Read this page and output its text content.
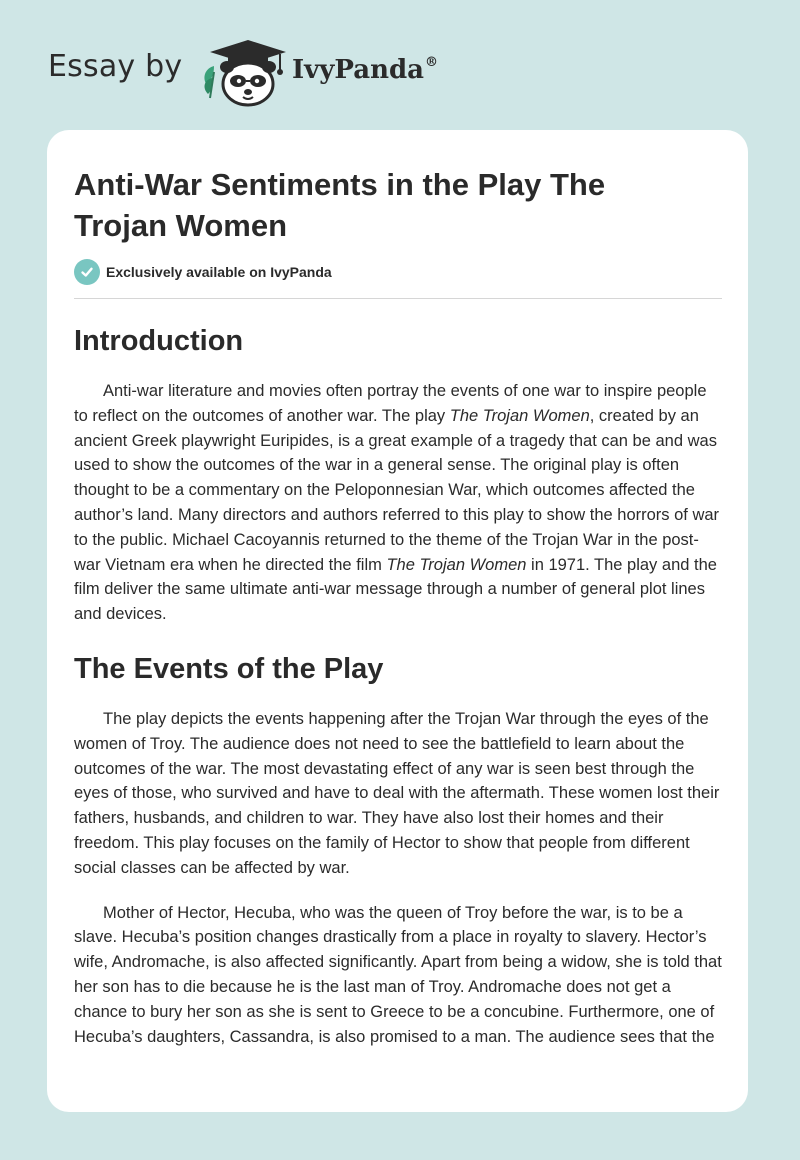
Essay by	IvyPanda®
Anti-War Sentiments in the Play The Trojan Women
Exclusively available on IvyPanda
Introduction

Anti-war literature and movies often portray the events of one war to inspire people to reflect on the outcomes of another war. The play The Trojan Women, created by an ancient Greek playwright Euripides, is a great example of a tragedy that can be and was used to show the outcomes of the war in a general sense. The original play is often thought to be a commentary on the Peloponnesian War, which outcomes affected the author’s land. Many directors and authors referred to this play to show the horrors of war to the public. Michael Cacoyannis returned to the theme of the Trojan War in the post-war Vietnam era when he directed the film The Trojan Women in 1971. The play and the film deliver the same ultimate anti-war message through a number of general plot lines and devices.

The Events of the Play

The play depicts the events happening after the Trojan War through the eyes of the women of Troy. The audience does not need to see the battlefield to learn about the outcomes of the war. The most devastating effect of any war is seen best through the eyes of those, who survived and have to deal with the aftermath. These women lost their fathers, husbands, and children to war. They have also lost their homes and their freedom. This play focuses on the family of Hector to show that people from different social classes can be affected by war.

Mother of Hector, Hecuba, who was the queen of Troy before the war, is to be a slave. Hecuba’s position changes drastically from a place in royalty to slavery. Hector’s wife, Andromache, is also affected significantly. Apart from being a widow, she is told that her son has to die because he is the last man of Troy. Andromache does not get a chance to bury her son as she is sent to Greece to be a concubine. Furthermore, one of Hecuba’s daughters, Cassandra, is also promised to a man. The audience sees that the
